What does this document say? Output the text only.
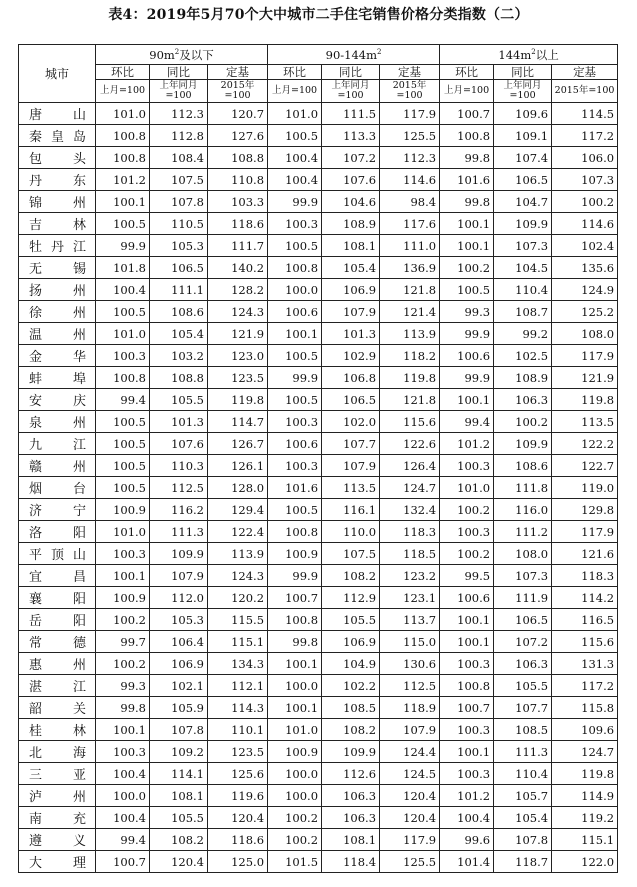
表4：2019年5月70个大中城市二手住宅销售价格分类指数（二）
城市	$90m^2$及以下			$90-144m^2$			$144m^2$以上		
	环比	同比	定基	环比	同比	定基	环比	同比	定基
	上月=100	上年同月=100	2015年=100	上月=100	上年同月=100	2015年=100	上月=100	上年同月=100	2015年=100
唐　山	101.0	112.3	120.7	101.0	111.5	117.9	100.7	109.6	114.5
秦皇岛	100.8	112.8	127.6	100.5	113.3	125.5	100.8	109.1	117.2
包　头	100.8	108.4	108.8	100.4	107.2	112.3	99.8	107.4	106.0
丹　东	101.2	107.5	110.8	100.4	107.6	114.6	101.6	106.5	107.3
锦　州	100.1	107.8	103.3	99.9	104.6	98.4	99.8	104.7	100.2
吉　林	100.5	110.5	118.6	100.3	108.9	117.6	100.1	109.9	114.6
牡丹江	99.9	105.3	111.7	100.5	108.1	111.0	100.1	107.3	102.4
无　锡	101.8	106.5	140.2	100.8	105.4	136.9	100.2	104.5	135.6
扬　州	100.4	111.1	128.2	100.0	106.9	121.8	100.5	110.4	124.9
徐　州	100.5	108.6	124.3	100.6	107.9	121.4	99.3	108.7	125.2
温　州	101.0	105.4	121.9	100.1	101.3	113.9	99.9	99.2	108.0
金　华	100.3	103.2	123.0	100.5	102.9	118.2	100.6	102.5	117.9
蚌　埠	100.8	108.8	123.5	99.9	106.8	119.8	99.9	108.9	121.9
安　庆	99.4	105.5	119.8	100.5	106.5	121.8	100.1	106.3	119.8
泉　州	100.5	101.3	114.7	100.3	102.0	115.6	99.4	100.2	113.5
九　江	100.5	107.6	126.7	100.6	107.7	122.6	101.2	109.9	122.2
赣　州	100.5	110.3	126.1	100.3	107.9	126.4	100.3	108.6	122.7
烟　台	100.5	112.5	128.0	101.6	113.5	124.7	101.0	111.8	119.0
济　宁	100.9	116.2	129.4	100.5	116.1	132.4	100.2	116.0	129.8
洛　阳	101.0	111.3	122.4	100.8	110.0	118.3	100.3	111.2	117.9
平顶山	100.3	109.9	113.9	100.9	107.5	118.5	100.2	108.0	121.6
宜　昌	100.1	107.9	124.3	99.9	108.2	123.2	99.5	107.3	118.3
襄　阳	100.9	112.0	120.2	100.7	112.9	123.1	100.6	111.9	114.2
岳　阳	100.2	105.3	115.5	100.8	105.5	113.7	100.1	106.5	116.5
常　德	99.7	106.4	115.1	99.8	106.9	115.0	100.1	107.2	115.6
惠　州	100.2	106.9	134.3	100.1	104.9	130.6	100.3	106.3	131.3
湛　江	99.3	102.1	112.1	100.0	102.2	112.5	100.8	105.5	117.2
韶　关	99.8	105.9	114.3	100.1	108.5	118.9	100.7	107.7	115.8
桂　林	100.1	107.8	110.1	101.0	108.2	107.9	100.3	108.5	109.6
北　海	100.3	109.2	123.5	100.9	109.9	124.4	100.1	111.3	124.7
三　亚	100.4	114.1	125.6	100.0	112.6	124.5	100.3	110.4	119.8
泸　州	100.0	108.1	119.6	100.0	106.3	120.4	101.2	105.7	114.9
南　充	100.4	105.5	120.4	100.2	106.3	120.4	100.4	105.4	119.2
遵　义	99.4	108.2	118.6	100.2	108.1	117.9	99.6	107.8	115.1
大　理	100.7	120.4	125.0	101.5	118.4	125.5	101.4	118.7	122.0
